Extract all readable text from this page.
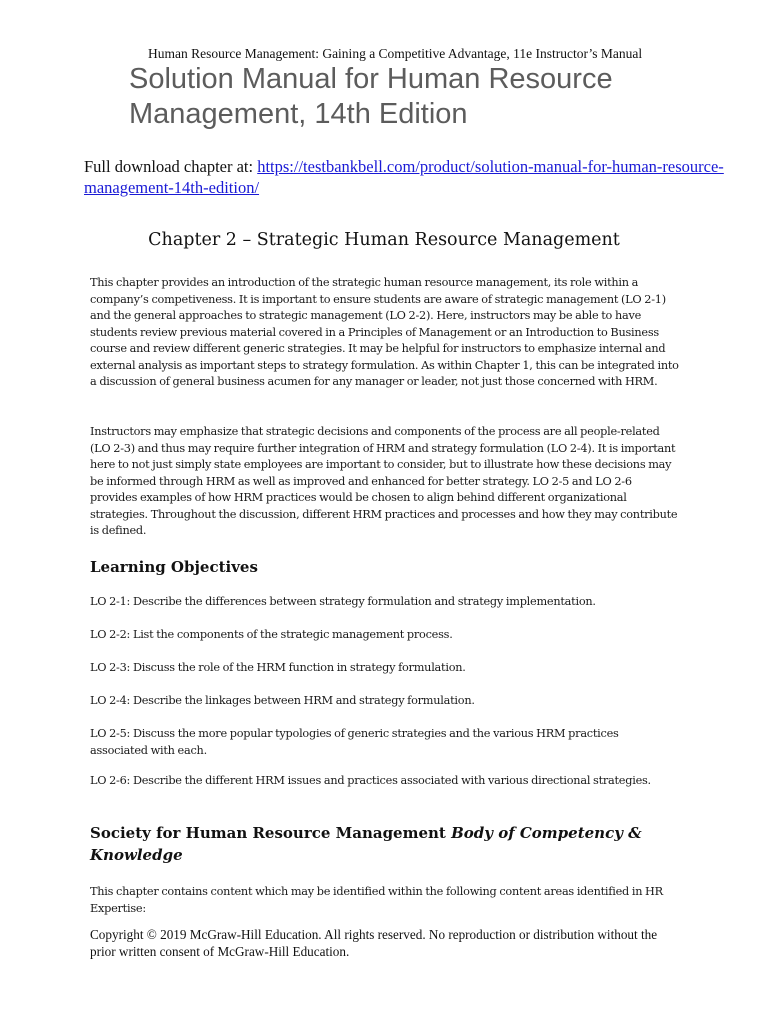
Human Resource Management: Gaining a Competitive Advantage, 11e Instructor’s Manual
Solution Manual for Human Resource Management, 14th Edition
Full download chapter at: https://testbankbell.com/product/solution-manual-for-human-resource-management-14th-edition/
Chapter 2 – Strategic Human Resource Management

This chapter provides an introduction of the strategic human resource management, its role within a company’s competiveness. It is important to ensure students are aware of strategic management (LO 2-1) and the general approaches to strategic management (LO 2-2). Here, instructors may be able to have students review previous material covered in a Principles of Management or an Introduction to Business course and review different generic strategies. It may be helpful for instructors to emphasize internal and external analysis as important steps to strategy formulation. As within Chapter 1, this can be integrated into a discussion of general business acumen for any manager or leader, not just those concerned with HRM.

Instructors may emphasize that strategic decisions and components of the process are all people-related (LO 2-3) and thus may require further integration of HRM and strategy formulation (LO 2-4). It is important here to not just simply state employees are important to consider, but to illustrate how these decisions may be informed through HRM as well as improved and enhanced for better strategy. LO 2-5 and LO 2-6 provides examples of how HRM practices would be chosen to align behind different organizational strategies. Throughout the discussion, different HRM practices and processes and how they may contribute is defined.

Learning Objectives

LO 2-1: Describe the differences between strategy formulation and strategy implementation.

LO 2-2: List the components of the strategic management process.

LO 2-3: Discuss the role of the HRM function in strategy formulation.

LO 2-4: Describe the linkages between HRM and strategy formulation.

LO 2-5: Discuss the more popular typologies of generic strategies and the various HRM practices associated with each.

LO 2-6: Describe the different HRM issues and practices associated with various directional strategies.

Society for Human Resource Management Body of Competency & Knowledge

This chapter contains content which may be identified within the following content areas identified in HR Expertise:

Copyright © 2019 McGraw-Hill Education. All rights reserved. No reproduction or distribution without the prior written consent of McGraw-Hill Education.
